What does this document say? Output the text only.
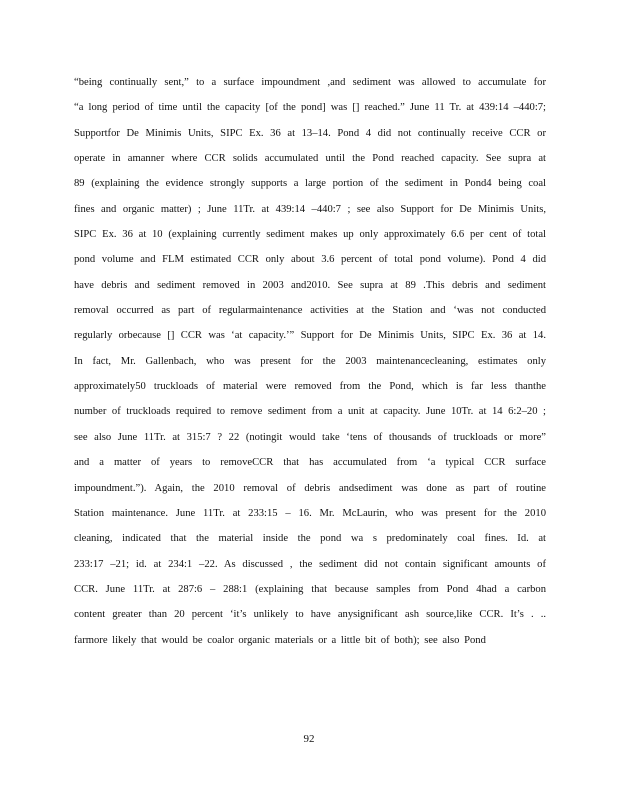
“being continually sent,” to a surface impoundment ,and sediment was allowed to accumulate for
“a long period of time until the capacity [of the pond] was [] reached.” June 11 Tr. at 439:14 –440:7;
Supportfor De Minimis Units, SIPC Ex. 36 at 13–14. Pond 4 did not continually receive CCR or
operate in amanner where CCR solids accumulated until the Pond reached capacity. See supra at
89 (explaining the evidence strongly supports a large portion of the sediment in Pond4 being coal
fines and organic matter) ; June 11Tr. at 439:14 –440:7 ; see also Support for De Minimis Units,
SIPC Ex. 36 at 10 (explaining currently sediment makes up only approximately 6.6 per cent of total
pond volume and FLM estimated CCR only about 3.6 percent of total pond volume). Pond 4 did
have debris and sediment removed in 2003 and2010. See supra at 89 .This debris and sediment
removal occurred as part of regularmaintenance activities at the Station and ‘was not conducted
regularly orbecause [] CCR was ‘at capacity.’” Support for De Minimis Units, SIPC Ex. 36 at 14.
In fact, Mr. Gallenbach, who was present for the 2003 maintenancecleaning, estimates only
approximately50 truckloads of material were removed from the Pond, which is far less thanthe
number of truckloads required to remove sediment from a unit at capacity. June 10Tr. at 14 6:2–20 ;
see also June 11Tr. at 315:7 ? 22 (notingit would take ‘tens of thousands of truckloads or more”
and a matter of years to removeCCR that has accumulated from ‘a typical CCR surface
impoundment.”). Again, the 2010 removal of debris andsediment was done as part of routine
Station maintenance. June 11Tr. at 233:15 – 16. Mr. McLaurin, who was present for the 2010
cleaning, indicated that the material inside the pond wa s predominately coal fines. Id. at
233:17 –21; id. at 234:1 –22. As discussed , the sediment did not contain significant amounts of
CCR. June 11Tr. at 287:6 – 288:1 (explaining that because samples from Pond 4had a carbon
content greater than 20 percent ‘it’s unlikely to have anysignificant ash source,like CCR. It’s . ..
farmore likely that would be coalor organic materials or a little bit of both); see also Pond
92
